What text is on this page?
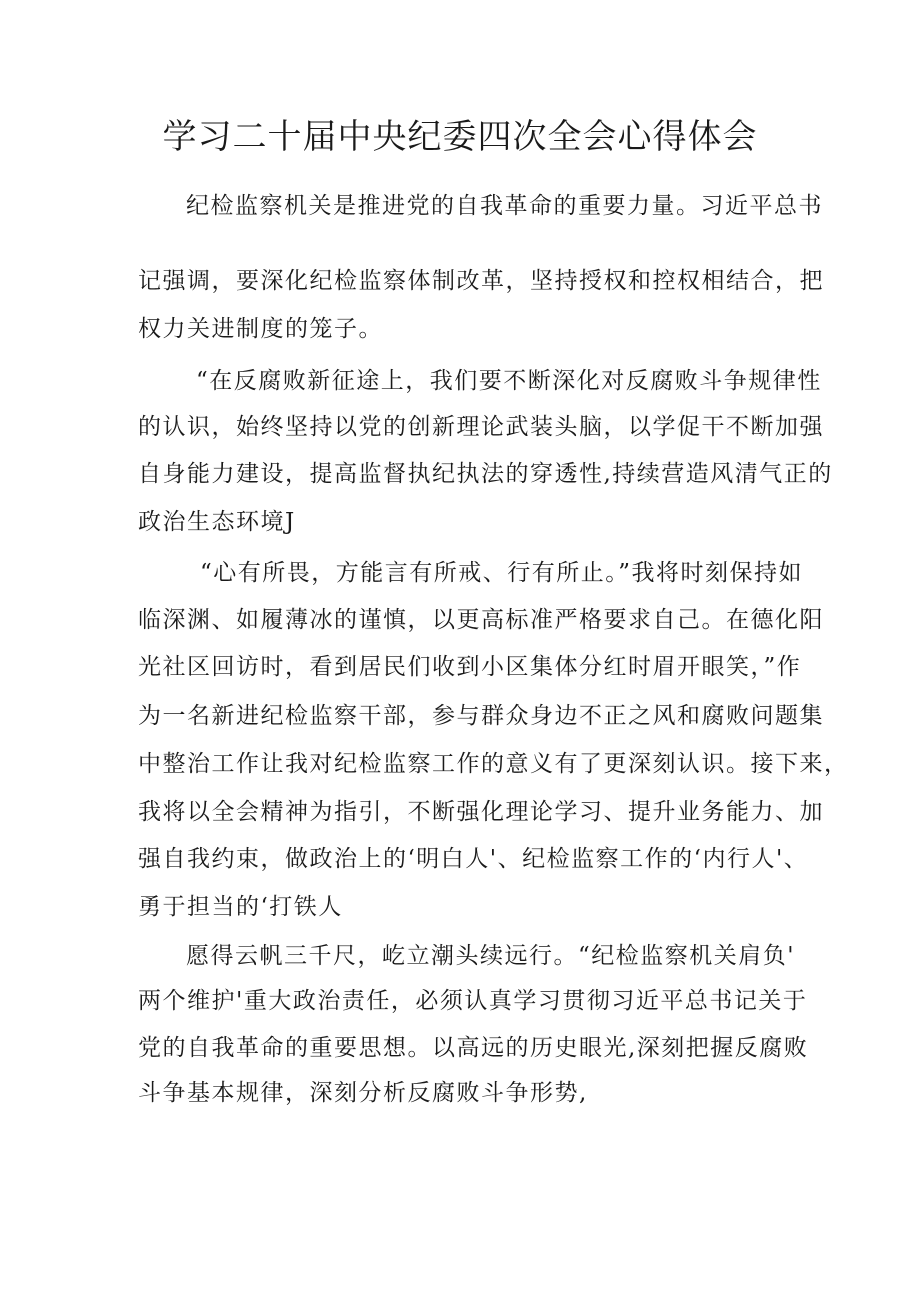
学习二十届中央纪委四次全会心得体会
纪检监察机关是推进党的自我革命的重要力量。习近平总书
记强调，要深化纪检监察体制改革，坚持授权和控权相结合，把
权力关进制度的笼子。
“在反腐败新征途上，我们要不断深化对反腐败斗争规律性
的认识，始终坚持以党的创新理论武装头脑，以学促干不断加强
自身能力建设，提高监督执纪执法的穿透性,持续营造风清气正的
政治生态环境J
“心有所畏，方能言有所戒、行有所止。”我将时刻保持如
临深渊、如履薄冰的谨慎，以更高标准严格要求自己。在德化阳
光社区回访时，看到居民们收到小区集体分红时眉开眼笑，”作
为一名新进纪检监察干部，参与群众身边不正之风和腐败问题集
中整治工作让我对纪检监察工作的意义有了更深刻认识。接下来，
我将以全会精神为指引，不断强化理论学习、提升业务能力、加
强自我约束，做政治上的‘明白人'、纪检监察工作的‘内行人'、
勇于担当的‘打铁人
愿得云帆三千尺，屹立潮头续远行。“纪检监察机关肩负'
两个维护'重大政治责任，必须认真学习贯彻习近平总书记关于
党的自我革命的重要思想。以高远的历史眼光,深刻把握反腐败
斗争基本规律，深刻分析反腐败斗争形势,
